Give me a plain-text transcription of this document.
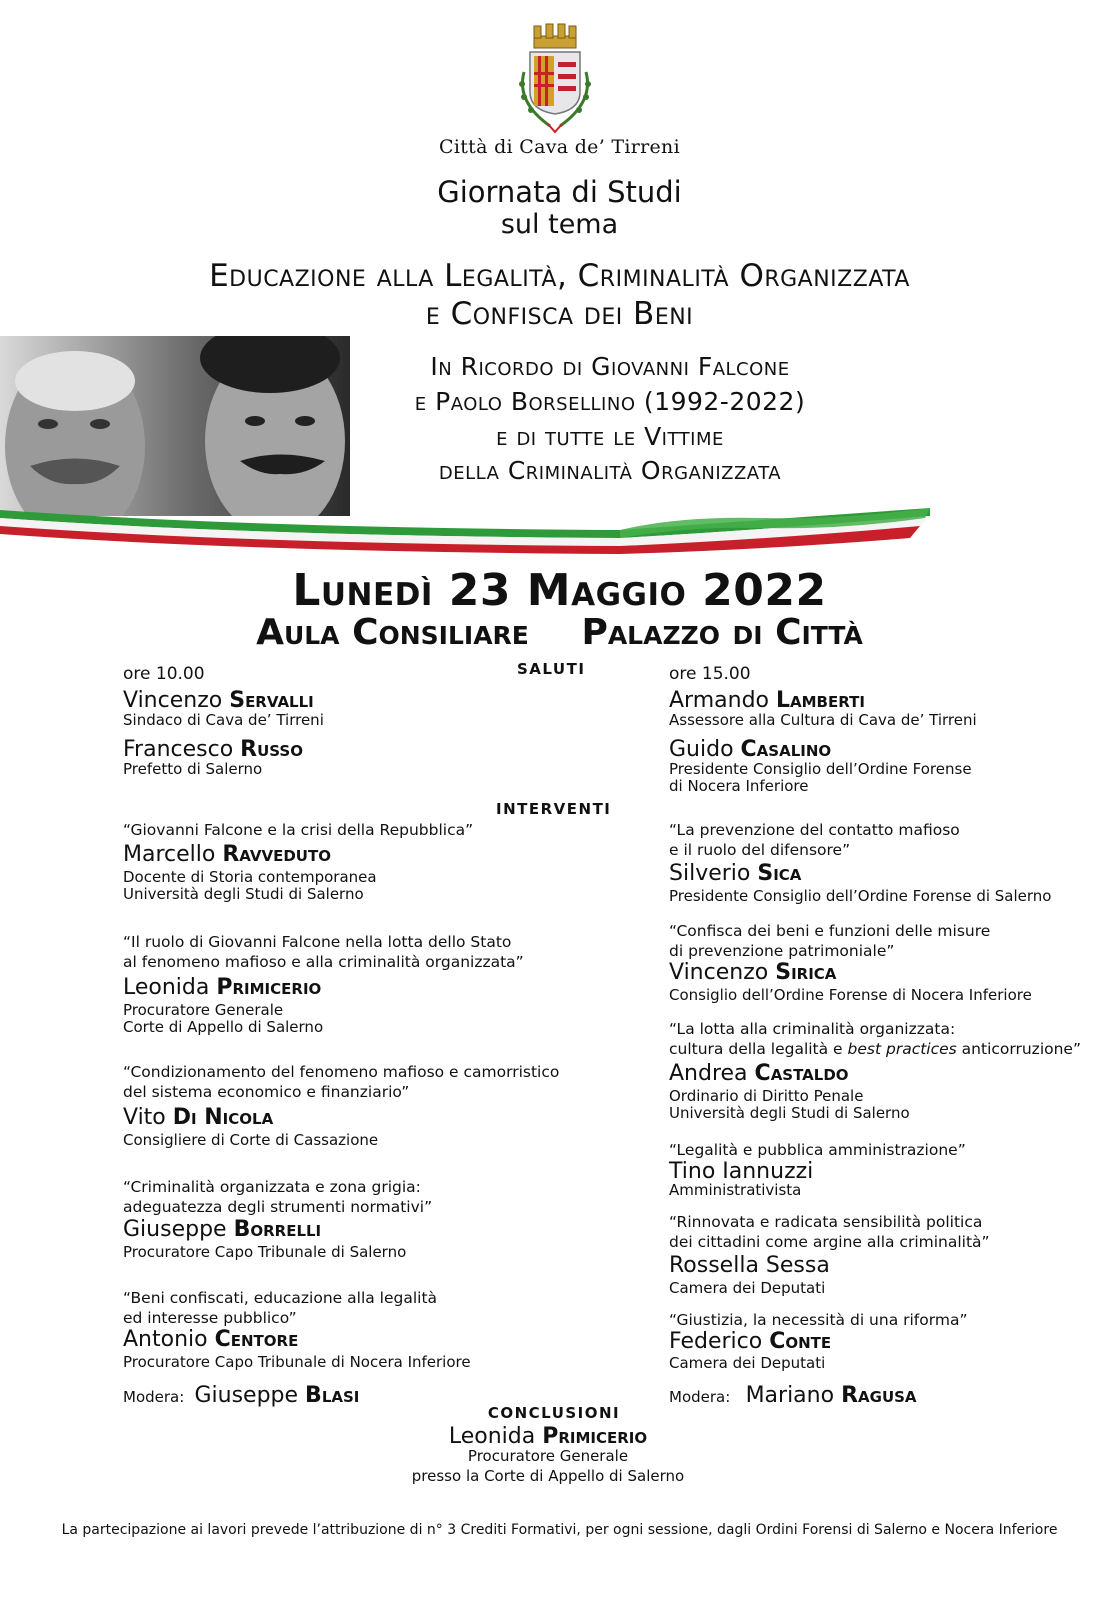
Città di Cava de’ Tirreni
Giornata di Studi
sul tema
Educazione alla Legalità, Criminalità Organizzata
e Confisca dei Beni
In Ricordo di Giovanni Falcone
e Paolo Borsellino (1992-2022)
e di tutte le Vittime
della Criminalità Organizzata
Lunedì 23 Maggio 2022
Aula Consiliare Palazzo di Città
SALUTI
INTERVENTI
ore 10.00
Vincenzo Servalli
Sindaco di Cava de’ Tirreni
Francesco Russo
Prefetto di Salerno
“Giovanni Falcone e la crisi della Repubblica”
Marcello Ravveduto
Docente di Storia contemporanea
Università degli Studi di Salerno
“Il ruolo di Giovanni Falcone nella lotta dello Stato
al fenomeno mafioso e alla criminalità organizzata”
Leonida Primicerio
Procuratore Generale
Corte di Appello di Salerno
“Condizionamento del fenomeno mafioso e camorristico
del sistema economico e finanziario”
Vito Di Nicola
Consigliere di Corte di Cassazione
“Criminalità organizzata e zona grigia:
adeguatezza degli strumenti normativi”
Giuseppe Borrelli
Procuratore Capo Tribunale di Salerno
“Beni confiscati, educazione alla legalità
ed interesse pubblico”
Antonio Centore
Procuratore Capo Tribunale di Nocera Inferiore
Modera: Giuseppe Blasi
ore 15.00
Armando Lamberti
Assessore alla Cultura di Cava de’ Tirreni
Guido Casalino
Presidente Consiglio dell’Ordine Forense
di Nocera Inferiore
“La prevenzione del contatto mafioso
e il ruolo del difensore”
Silverio Sica
Presidente Consiglio dell’Ordine Forense di Salerno
“Confisca dei beni e funzioni delle misure
di prevenzione patrimoniale”
Vincenzo Sirica
Consiglio dell’Ordine Forense di Nocera Inferiore
“La lotta alla criminalità organizzata:
cultura della legalità e best practices anticorruzione”
Andrea Castaldo
Ordinario di Diritto Penale
Università degli Studi di Salerno
“Legalità e pubblica amministrazione”
Tino Iannuzzi
Amministrativista
“Rinnovata e radicata sensibilità politica
dei cittadini come argine alla criminalità”
Rossella Sessa
Camera dei Deputati
“Giustizia, la necessità di una riforma”
Federico Conte
Camera dei Deputati
Modera: Mariano Ragusa
CONCLUSIONI
Leonida Primicerio
Procuratore Generale
presso la Corte di Appello di Salerno
La partecipazione ai lavori prevede l’attribuzione di n° 3 Crediti Formativi, per ogni sessione, dagli Ordini Forensi di Salerno e Nocera Inferiore
